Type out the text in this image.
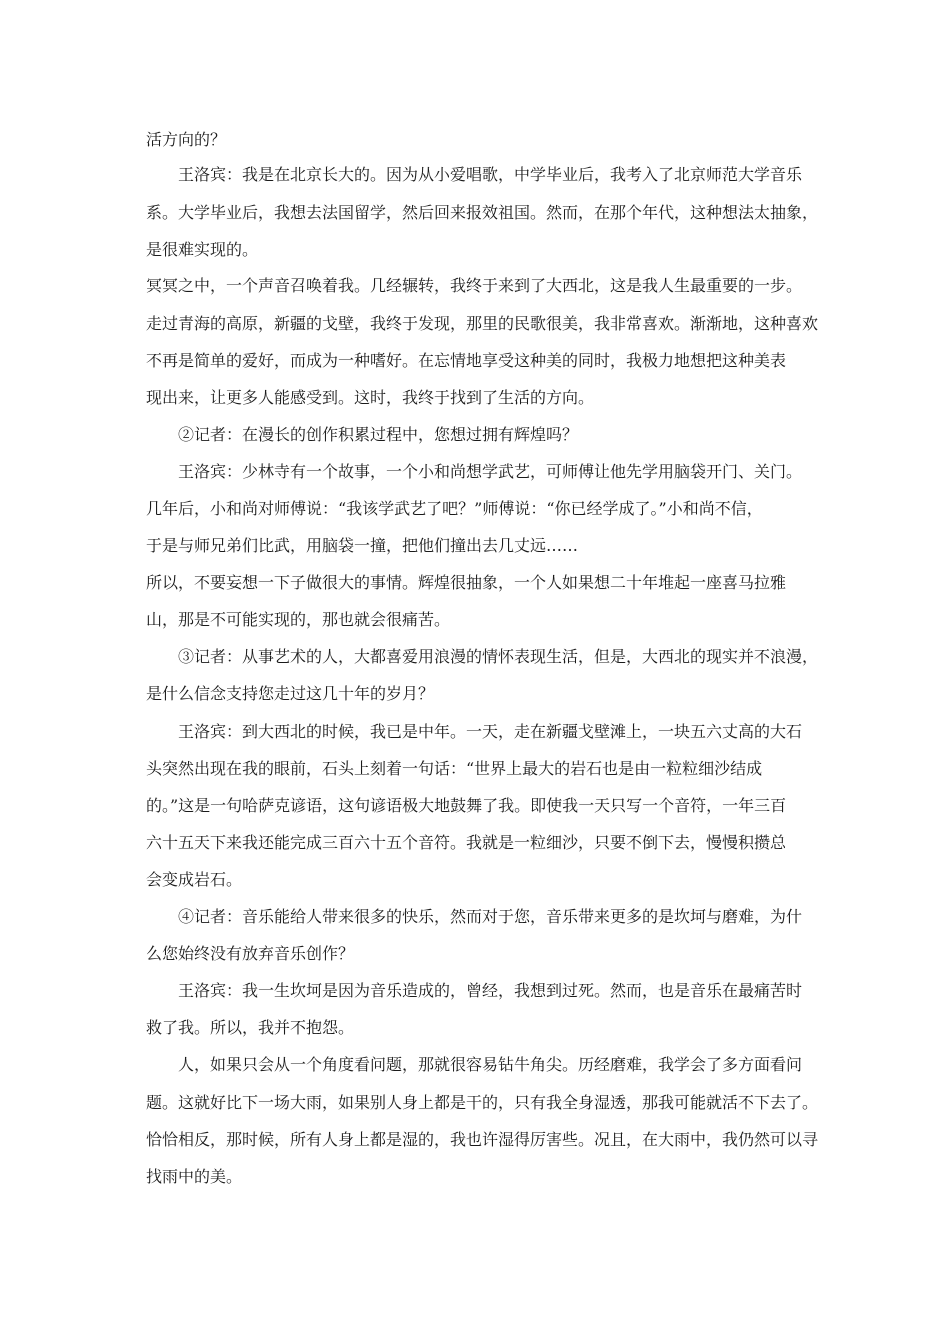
活方向的？

王洛宾：我是在北京长大的。因为从小爱唱歌，中学毕业后，我考入了北京师范大学音乐

系。大学毕业后，我想去法国留学，然后回来报效祖国。然而，在那个年代，这种想法太抽象，

是很难实现的。

冥冥之中，一个声音召唤着我。几经辗转，我终于来到了大西北，这是我人生最重要的一步。

走过青海的高原，新疆的戈壁，我终于发现，那里的民歌很美，我非常喜欢。渐渐地，这种喜欢

不再是简单的爱好，而成为一种嗜好。在忘情地享受这种美的同时，我极力地想把这种美表

现出来，让更多人能感受到。这时，我终于找到了生活的方向。

②记者：在漫长的创作积累过程中，您想过拥有辉煌吗？

王洛宾：少林寺有一个故事，一个小和尚想学武艺，可师傅让他先学用脑袋开门、关门。

几年后，小和尚对师傅说：“我该学武艺了吧？”师傅说：“你已经学成了。”小和尚不信，

于是与师兄弟们比武，用脑袋一撞，把他们撞出去几丈远……

所以，不要妄想一下子做很大的事情。辉煌很抽象，一个人如果想二十年堆起一座喜马拉雅

山，那是不可能实现的，那也就会很痛苦。

③记者：从事艺术的人，大都喜爱用浪漫的情怀表现生活，但是，大西北的现实并不浪漫，

是什么信念支持您走过这几十年的岁月？

王洛宾：到大西北的时候，我已是中年。一天，走在新疆戈壁滩上，一块五六丈高的大石

头突然出现在我的眼前，石头上刻着一句话：“世界上最大的岩石也是由一粒粒细沙结成

的。”这是一句哈萨克谚语，这句谚语极大地鼓舞了我。即使我一天只写一个音符，一年三百

六十五天下来我还能完成三百六十五个音符。我就是一粒细沙，只要不倒下去，慢慢积攒总

会变成岩石。

④记者：音乐能给人带来很多的快乐，然而对于您，音乐带来更多的是坎坷与磨难，为什

么您始终没有放弃音乐创作？

王洛宾：我一生坎坷是因为音乐造成的，曾经，我想到过死。然而，也是音乐在最痛苦时

救了我。所以，我并不抱怨。

人，如果只会从一个角度看问题，那就很容易钻牛角尖。历经磨难，我学会了多方面看问

题。这就好比下一场大雨，如果别人身上都是干的，只有我全身湿透，那我可能就活不下去了。

恰恰相反，那时候，所有人身上都是湿的，我也许湿得厉害些。况且，在大雨中，我仍然可以寻

找雨中的美。
